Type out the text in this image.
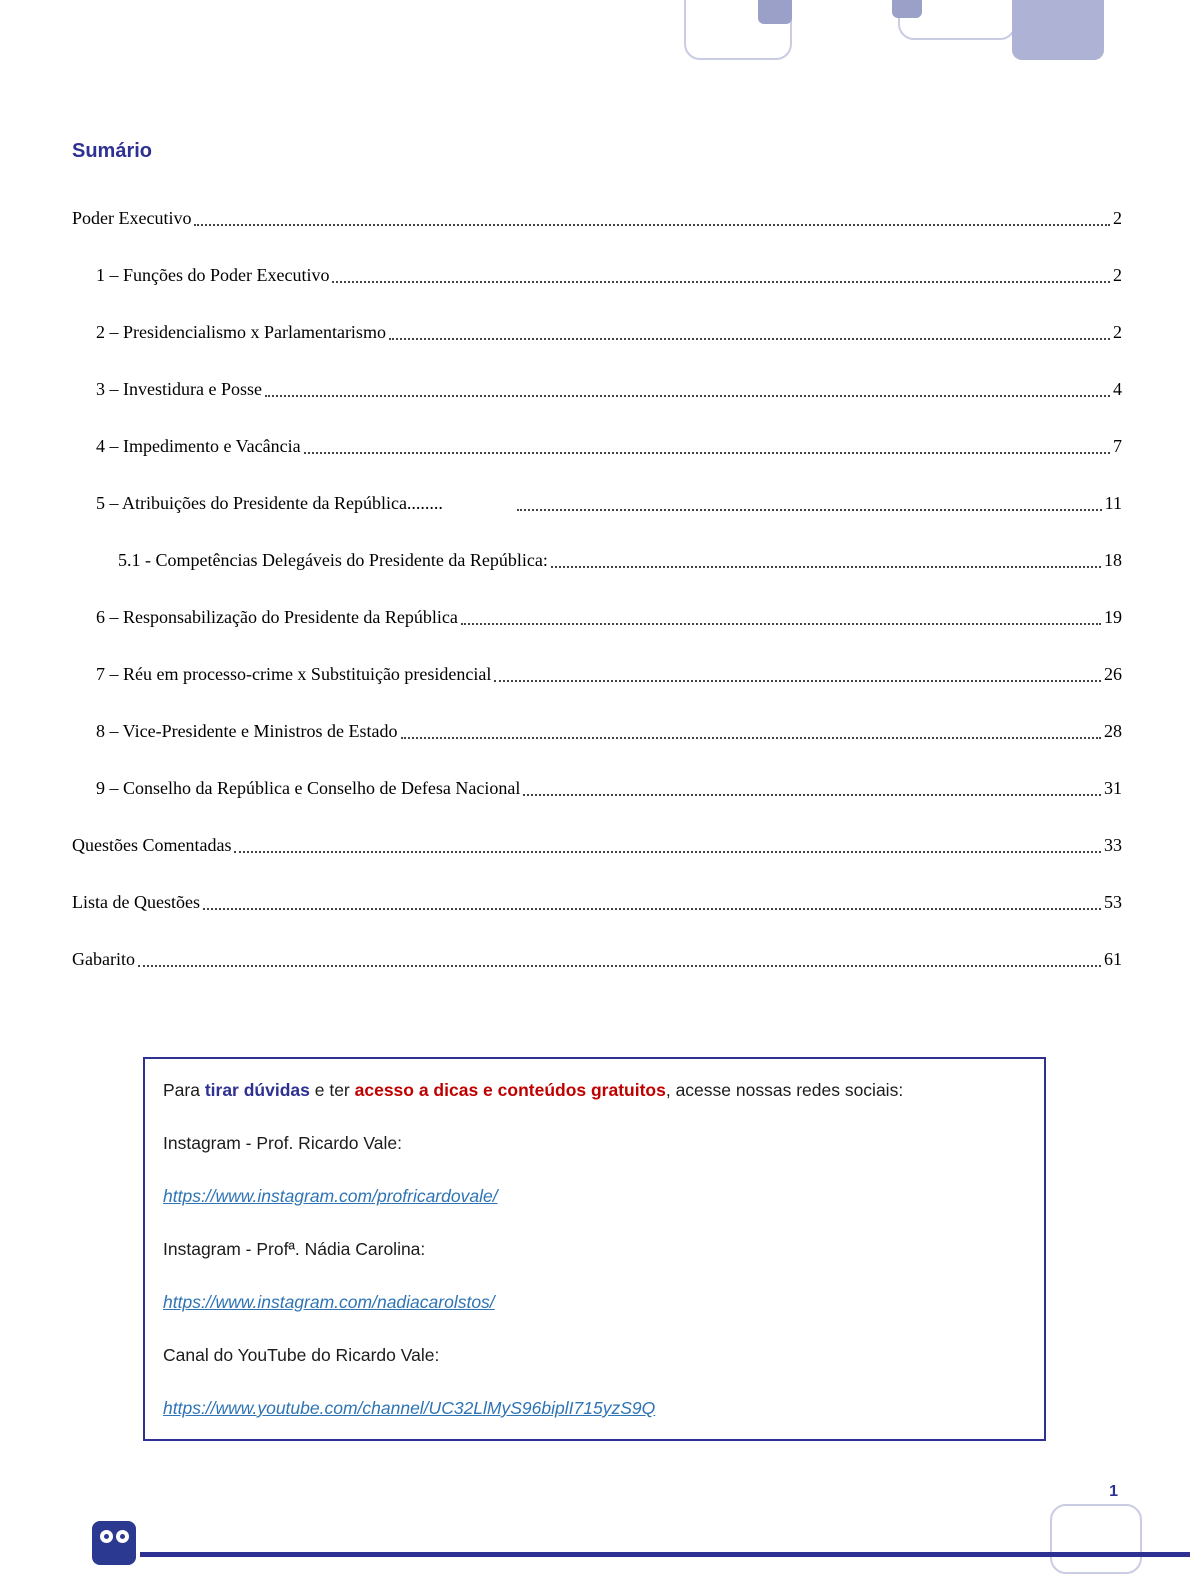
Sumário
Poder Executivo	2
1 – Funções do Poder Executivo	2
2 – Presidencialismo x Parlamentarismo	2
3 – Investidura e Posse	4
4 – Impedimento e Vacância	7
5 – Atribuições do Presidente da República........	11
5.1 - Competências Delegáveis do Presidente da República:	18
6 – Responsabilização do Presidente da República	19
7 – Réu em processo-crime x Substituição presidencial	26
8 – Vice-Presidente e Ministros de Estado	28
9 – Conselho da República e Conselho de Defesa Nacional	31
Questões Comentadas	33
Lista de Questões	53
Gabarito	61

Para tirar dúvidas e ter acesso a dicas e conteúdos gratuitos, acesse nossas redes sociais:

Instagram - Prof. Ricardo Vale:

https://www.instagram.com/profricardovale/

Instagram - Profª. Nádia Carolina:

https://www.instagram.com/nadiacarolstos/

Canal do YouTube do Ricardo Vale:

https://www.youtube.com/channel/UC32LlMyS96biplI715yzS9Q

1
